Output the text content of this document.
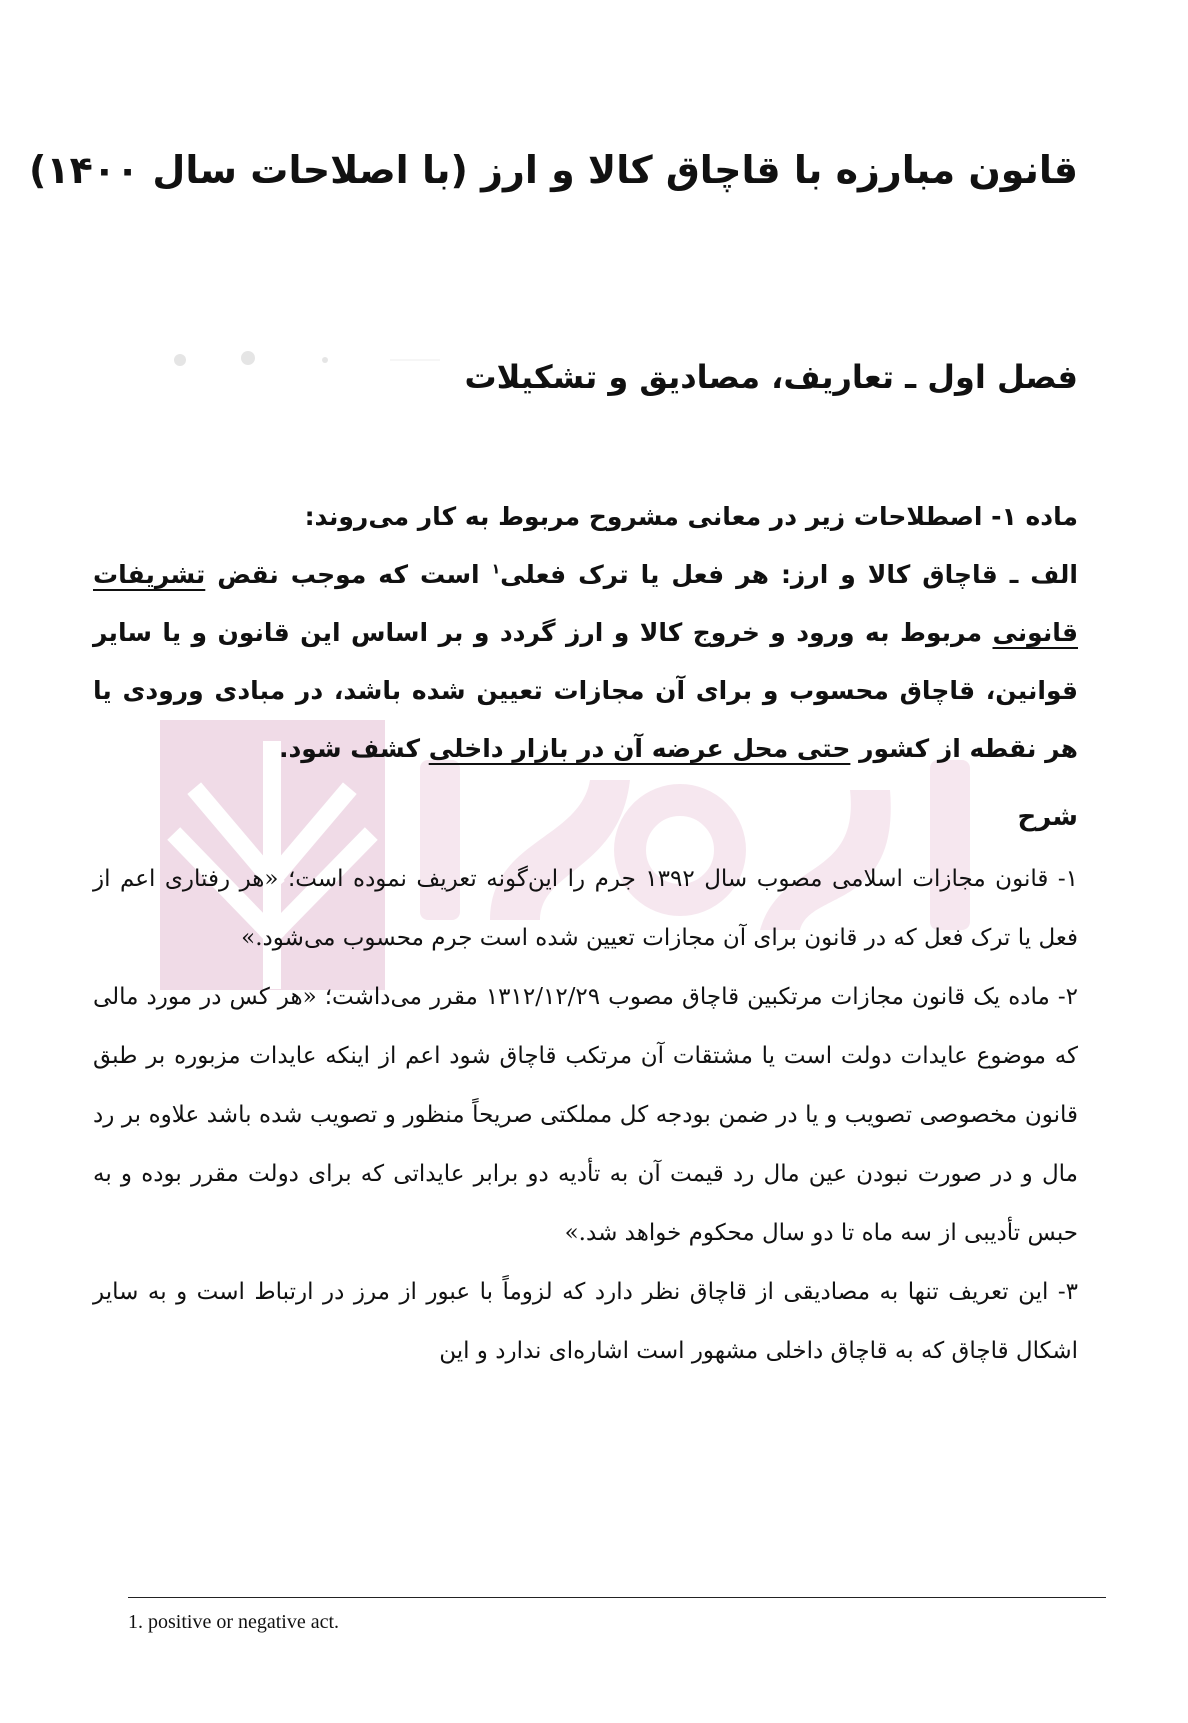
قانون مبارزه با قاچاق کالا و ارز (با اصلاحات سال ۱۴۰۰)
فصل اول ـ تعاریف، مصادیق و تشکیلات

ماده ۱- اصطلاحات زیر در معانی مشروح مربوط به کار می‌روند:

الف ـ قاچاق کالا و ارز: هر فعل یا ترک فعلی$^۱$ است که موجب نقض تشریفات قانونی مربوط به ورود و خروج کالا و ارز گردد و بر اساس این قانون و یا سایر قوانین، قاچاق محسوب و برای آن مجازات تعیین شده باشد، در مبادی ورودی یا هر نقطه از کشور حتی محل عرضه آن در بازار داخلی کشف شود.

شرح

۱- قانون مجازات اسلامی مصوب سال ۱۳۹۲ جرم را این‌گونه تعریف نموده است؛ «هر رفتاری اعم از فعل یا ترک فعل که در قانون برای آن مجازات تعیین شده است جرم محسوب می‌شود.»

۲- ماده یک قانون مجازات مرتکبین قاچاق مصوب ۱۳۱۲/۱۲/۲۹ مقرر می‌داشت؛ «هر کس در مورد مالی که موضوع عایدات دولت است یا مشتقات آن مرتکب قاچاق شود اعم از اینکه عایدات مزبوره بر طبق قانون مخصوصی تصویب و یا در ضمن بودجه کل مملکتی صریحاً منظور و تصویب شده باشد علاوه بر رد مال و در صورت نبودن عین مال رد قیمت آن به تأدیه دو برابر عایداتی که برای دولت مقرر بوده و به حبس تأدیبی از سه ماه تا دو سال محکوم خواهد شد.»

۳- این تعریف تنها به مصادیقی از قاچاق نظر دارد که لزوماً با عبور از مرز در ارتباط است و به سایر اشکال قاچاق که به قاچاق داخلی مشهور است اشاره‌ای ندارد و این

1. positive or negative act.
